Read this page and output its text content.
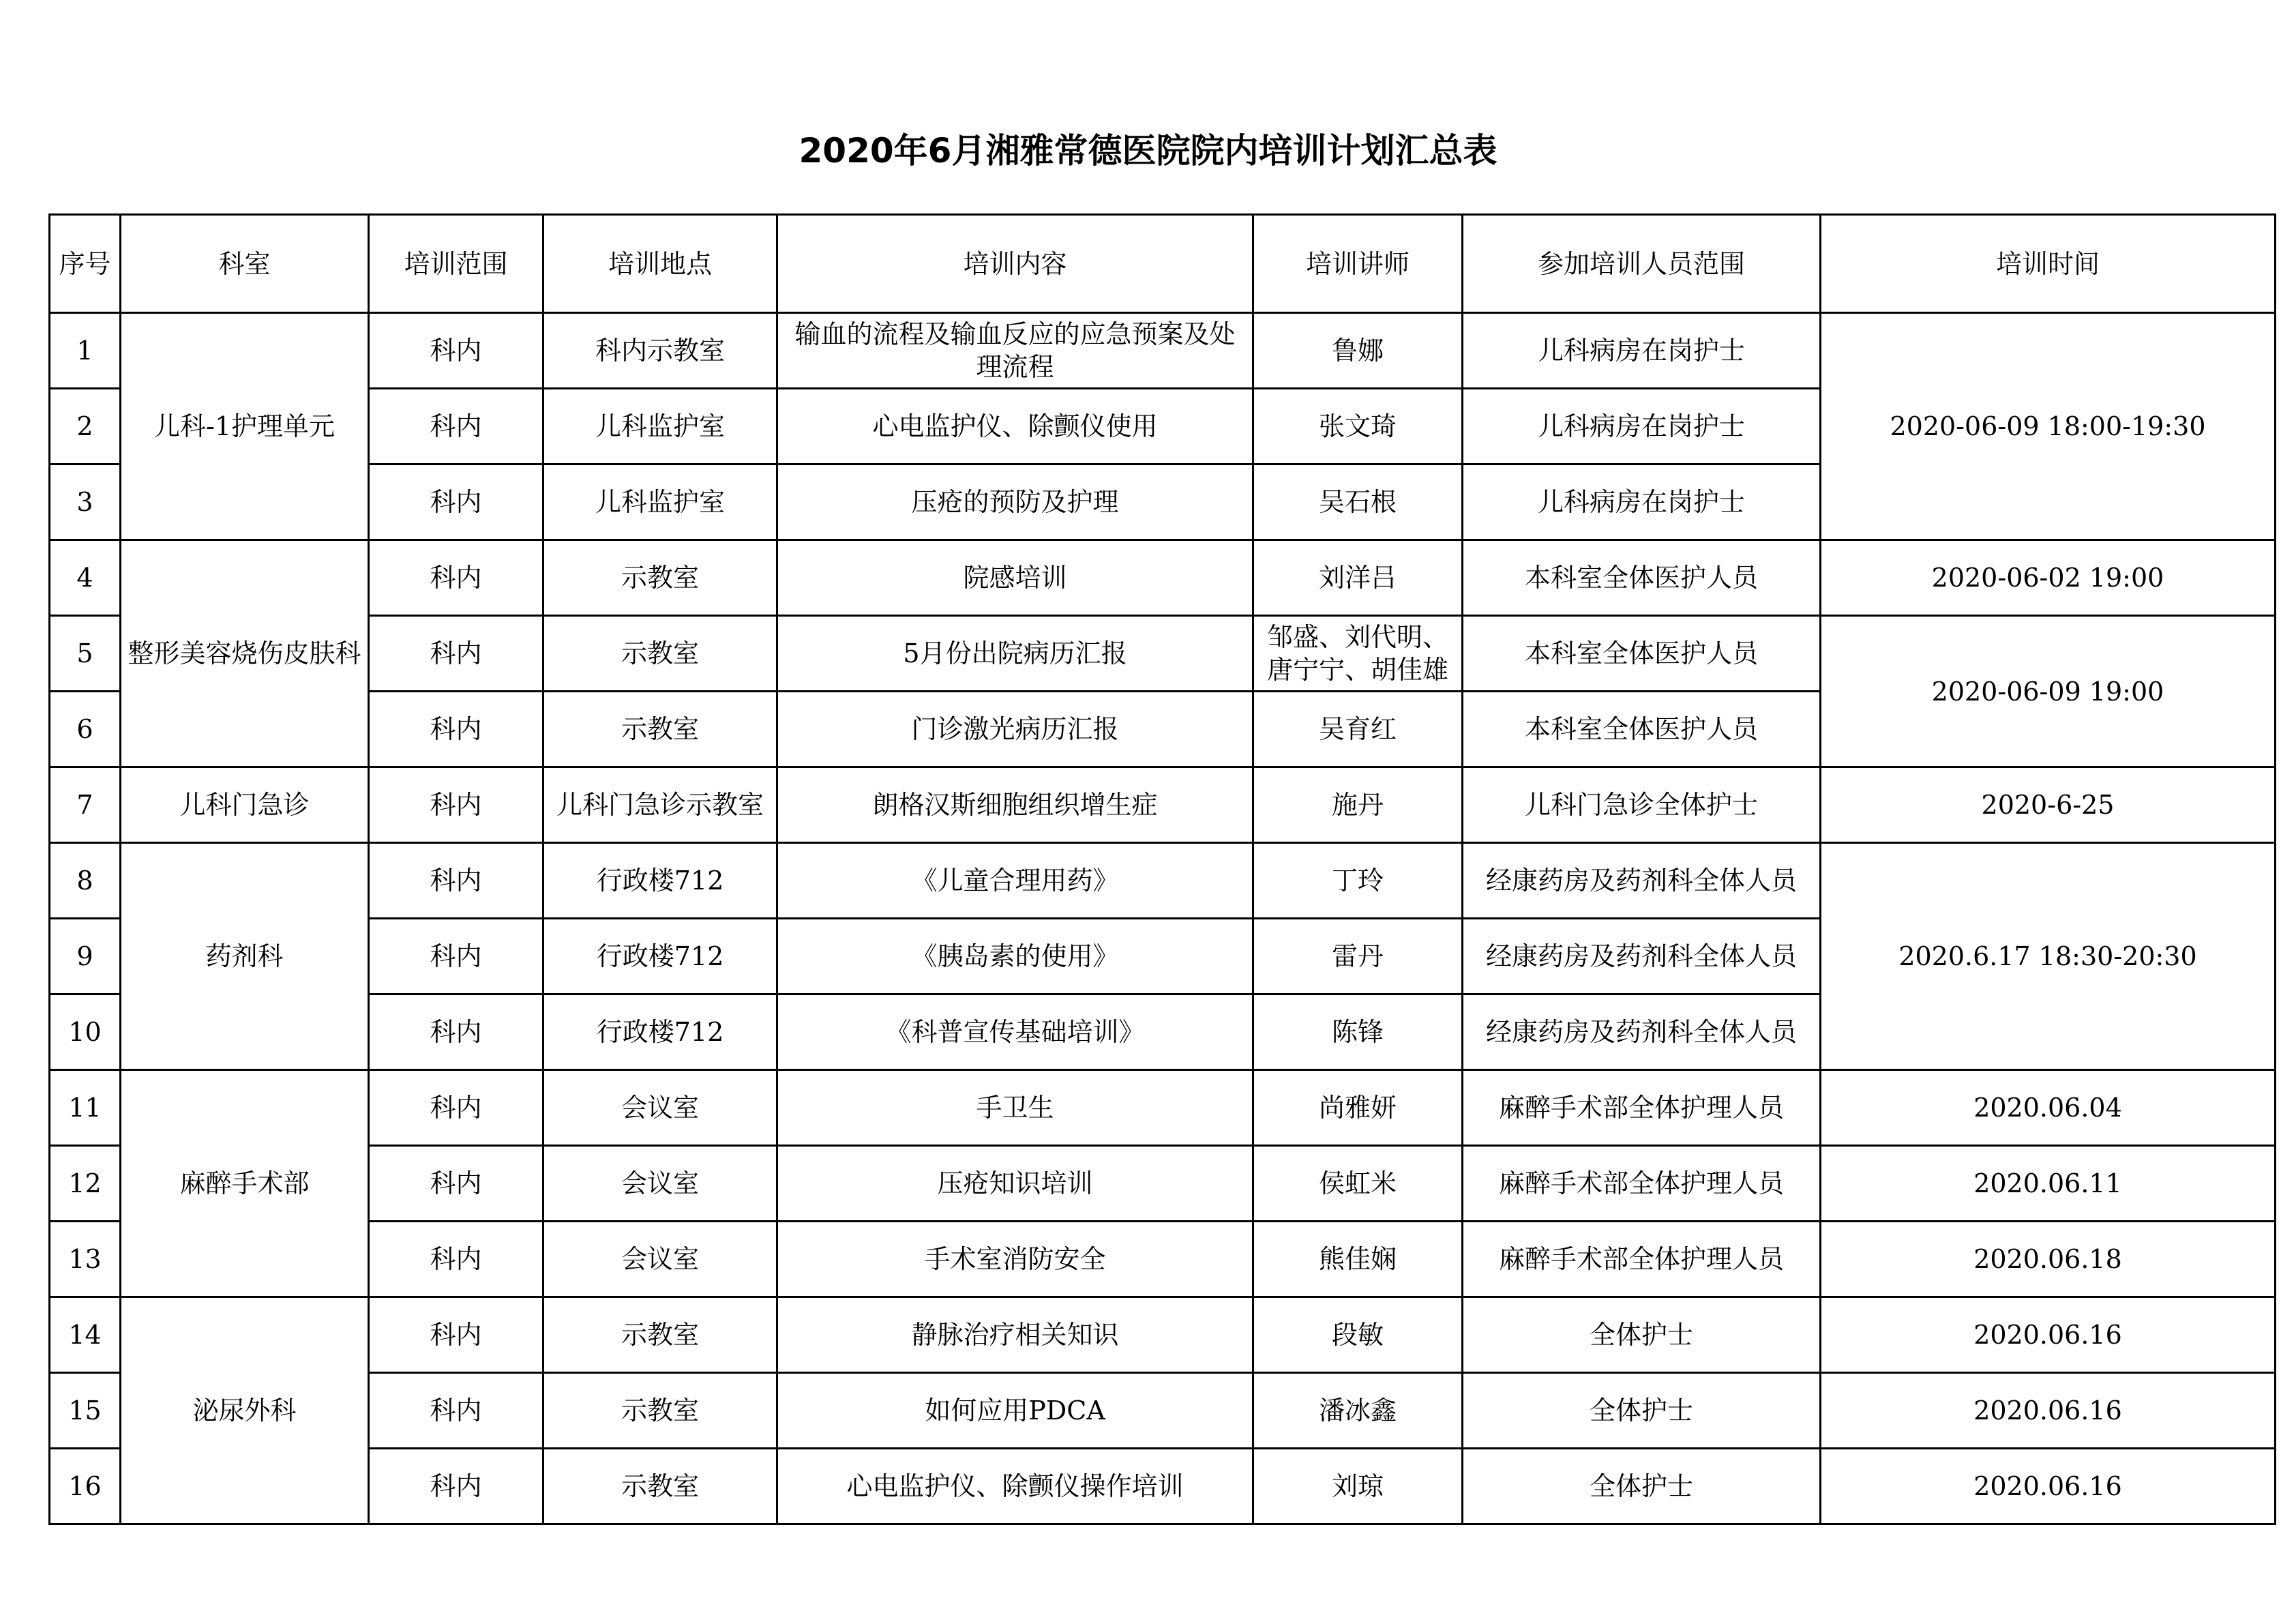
2020年6月湘雅常德医院院内培训计划汇总表
序号	科室	培训范围	培训地点	培训内容	培训讲师	参加培训人员范围	培训时间
1	儿科-1护理单元	科内	科内示教室	输血的流程及输血反应的应急预案及处理流程	鲁娜	儿科病房在岗护士	2020-06-09 18:00-19:30
2		科内	儿科监护室	心电监护仪、除颤仪使用	张文琦	儿科病房在岗护士	
3		科内	儿科监护室	压疮的预防及护理	吴石根	儿科病房在岗护士	
4	整形美容烧伤皮肤科	科内	示教室	院感培训	刘洋吕	本科室全体医护人员	2020-06-02 19:00
5		科内	示教室	5月份出院病历汇报	邹盛、刘代明、唐宁宁、胡佳雄	本科室全体医护人员	2020-06-09 19:00
6		科内	示教室	门诊激光病历汇报	吴育红	本科室全体医护人员	
7	儿科门急诊	科内	儿科门急诊示教室	朗格汉斯细胞组织增生症	施丹	儿科门急诊全体护士	2020-6-25
8	药剂科	科内	行政楼712	《儿童合理用药》	丁玲	经康药房及药剂科全体人员	2020.6.17 18:30-20:30
9		科内	行政楼712	《胰岛素的使用》	雷丹	经康药房及药剂科全体人员	
10		科内	行政楼712	《科普宣传基础培训》	陈锋	经康药房及药剂科全体人员	
11	麻醉手术部	科内	会议室	手卫生	尚雅妍	麻醉手术部全体护理人员	2020.06.04
12		科内	会议室	压疮知识培训	侯虹米	麻醉手术部全体护理人员	2020.06.11
13		科内	会议室	手术室消防安全	熊佳娴	麻醉手术部全体护理人员	2020.06.18
14	泌尿外科	科内	示教室	静脉治疗相关知识	段敏	全体护士	2020.06.16
15		科内	示教室	如何应用PDCA	潘冰鑫	全体护士	2020.06.16
16		科内	示教室	心电监护仪、除颤仪操作培训	刘琼	全体护士	2020.06.16
